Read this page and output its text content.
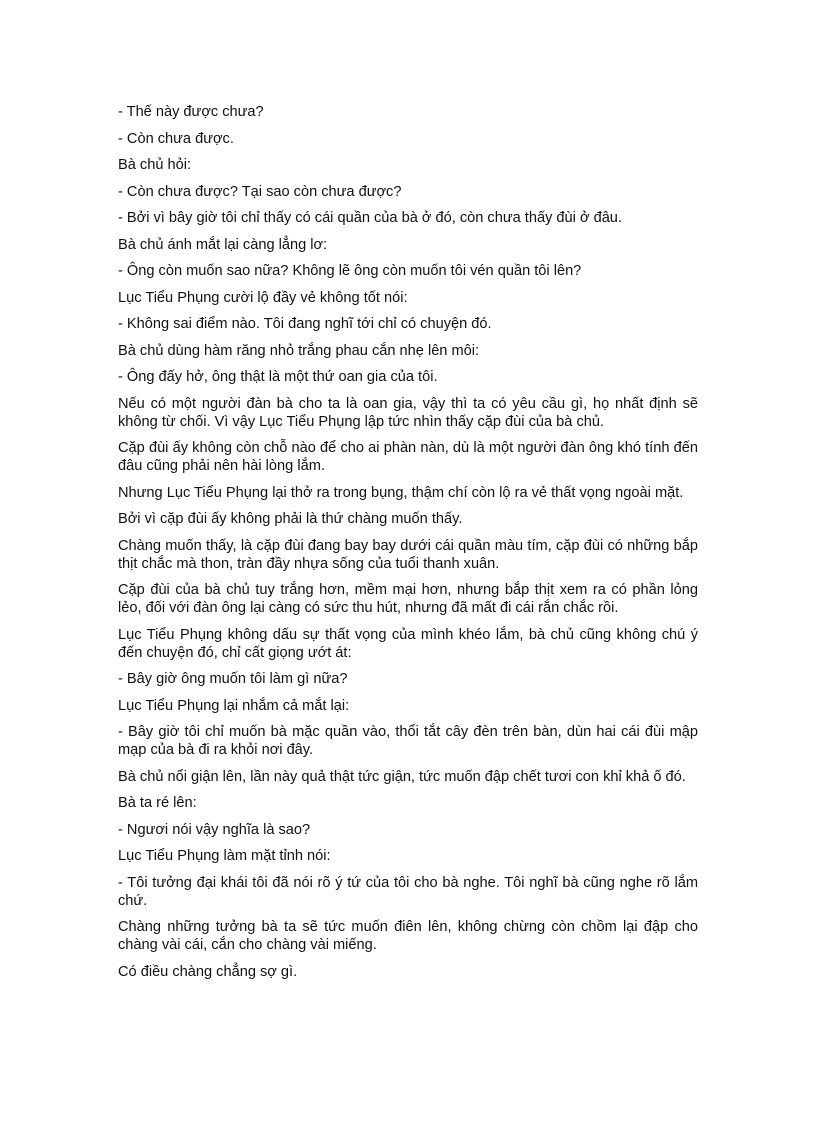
- Thế này được chưa?

- Còn chưa được.

Bà chủ hỏi:

- Còn chưa được? Tại sao còn chưa được?

- Bởi vì bây giờ tôi chỉ thấy có cái quần của bà ở đó, còn chưa thấy đùi ở đâu.

Bà chủ ánh mắt lại càng lẳng lơ:

- Ông còn muốn sao nữa? Không lẽ ông còn muốn tôi vén quần tôi lên?

Lục Tiểu Phụng cười lộ đầy vẻ không tốt nói:

- Không sai điểm nào. Tôi đang nghĩ tới chỉ có chuyện đó.

Bà chủ dùng hàm răng nhỏ trắng phau cắn nhẹ lên môi:

- Ông đấy hở, ông thật là một thứ oan gia của tôi.

Nếu có một người đàn bà cho ta là oan gia, vậy thì ta có yêu cầu gì, họ nhất định sẽ không từ chối. Vì vậy Lục Tiểu Phụng lập tức nhìn thấy cặp đùi của bà chủ.

Cặp đùi ấy không còn chỗ nào để cho ai phàn nàn, dù là một người đàn ông khó tính đến đâu cũng phải nên hài lòng lắm.

Nhưng Lục Tiểu Phụng lại thở ra trong bụng, thậm chí còn lộ ra vẻ thất vọng ngoài mặt.

Bởi vì cặp đùi ấy không phải là thứ chàng muốn thấy.

Chàng muốn thấy, là cặp đùi đang bay bay dưới cái quần màu tím, cặp đùi có những bắp thịt chắc mà thon, tràn đầy nhựa sống của tuổi thanh xuân.

Cặp đùi của bà chủ tuy trắng hơn, mềm mại hơn, nhưng bắp thịt xem ra có phần lỏng lẻo, đối với đàn ông lại càng có sức thu hút, nhưng đã mất đi cái rắn chắc rồi.

Lục Tiểu Phụng không dấu sự thất vọng của mình khéo lắm, bà chủ cũng không chú ý đến chuyện đó, chỉ cất giọng ướt át:

- Bây giờ ông muốn tôi làm gì nữa?

Lục Tiểu Phụng lại nhắm cả mắt lại:

- Bây giờ tôi chỉ muốn bà mặc quần vào, thổi tắt cây đèn trên bàn, dùn hai cái đùi mập mạp của bà đi ra khỏi nơi đây.

Bà chủ nổi giận lên, lần này quả thật tức giận, tức muốn đập chết tươi con khỉ khả ố đó.

Bà ta ré lên:

- Ngươi nói vậy nghĩa là sao?

Lục Tiểu Phụng làm mặt tỉnh nói:

- Tôi tưởng đại khái tôi đã nói rõ ý tứ của tôi cho bà nghe. Tôi nghĩ bà cũng nghe rõ lắm chứ.

Chàng những tưởng bà ta sẽ tức muốn điên lên, không chừng còn chồm lại đập cho chàng vài cái, cắn cho chàng vài miếng.

Có điều chàng chẳng sợ gì.
